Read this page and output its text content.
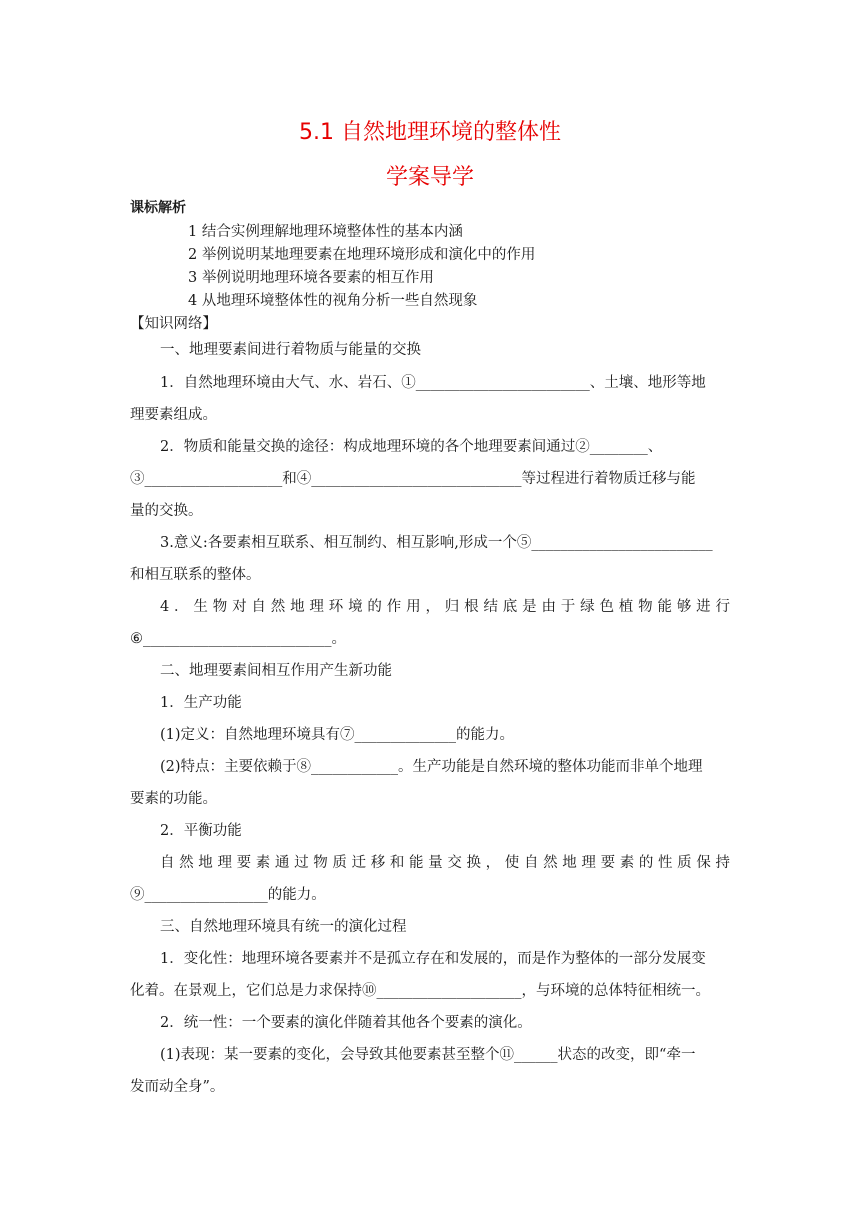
5.1 自然地理环境的整体性
学案导学
课标解析
1 结合实例理解地理环境整体性的基本内涵
2 举例说明某地理要素在地理环境形成和演化中的作用
3 举例说明地理环境各要素的相互作用
4 从地理环境整体性的视角分析一些自然现象
【知识网络】
一、地理要素间进行着物质与能量的交换
1．自然地理环境由大气、水、岩石、①________________________、土壤、地形等地
理要素组成。
2．物质和能量交换的途径：构成地理环境的各个地理要素间通过②________、
③___________________和④_____________________________等过程进行着物质迁移与能
量的交换。
3.意义:各要素相互联系、相互制约、相互影响,形成一个⑤_________________________
和相互联系的整体。
4．生物对自然地理环境的作用，归根结底是由于绿色植物能够进行
⑥__________________________。
二、地理要素间相互作用产生新功能
1．生产功能
(1)定义：自然地理环境具有⑦______________的能力。
(2)特点：主要依赖于⑧____________。生产功能是自然环境的整体功能而非单个地理
要素的功能。
2．平衡功能
自然地理要素通过物质迁移和能量交换，使自然地理要素的性质保持
⑨_________________的能力。
三、自然地理环境具有统一的演化过程
1．变化性：地理环境各要素并不是孤立存在和发展的，而是作为整体的一部分发展变
化着。在景观上，它们总是力求保持⑩____________________，与环境的总体特征相统一。
2．统一性：一个要素的演化伴随着其他各个要素的演化。
(1)表现：某一要素的变化，会导致其他要素甚至整个⑪______状态的改变，即“牵一
发而动全身”。
